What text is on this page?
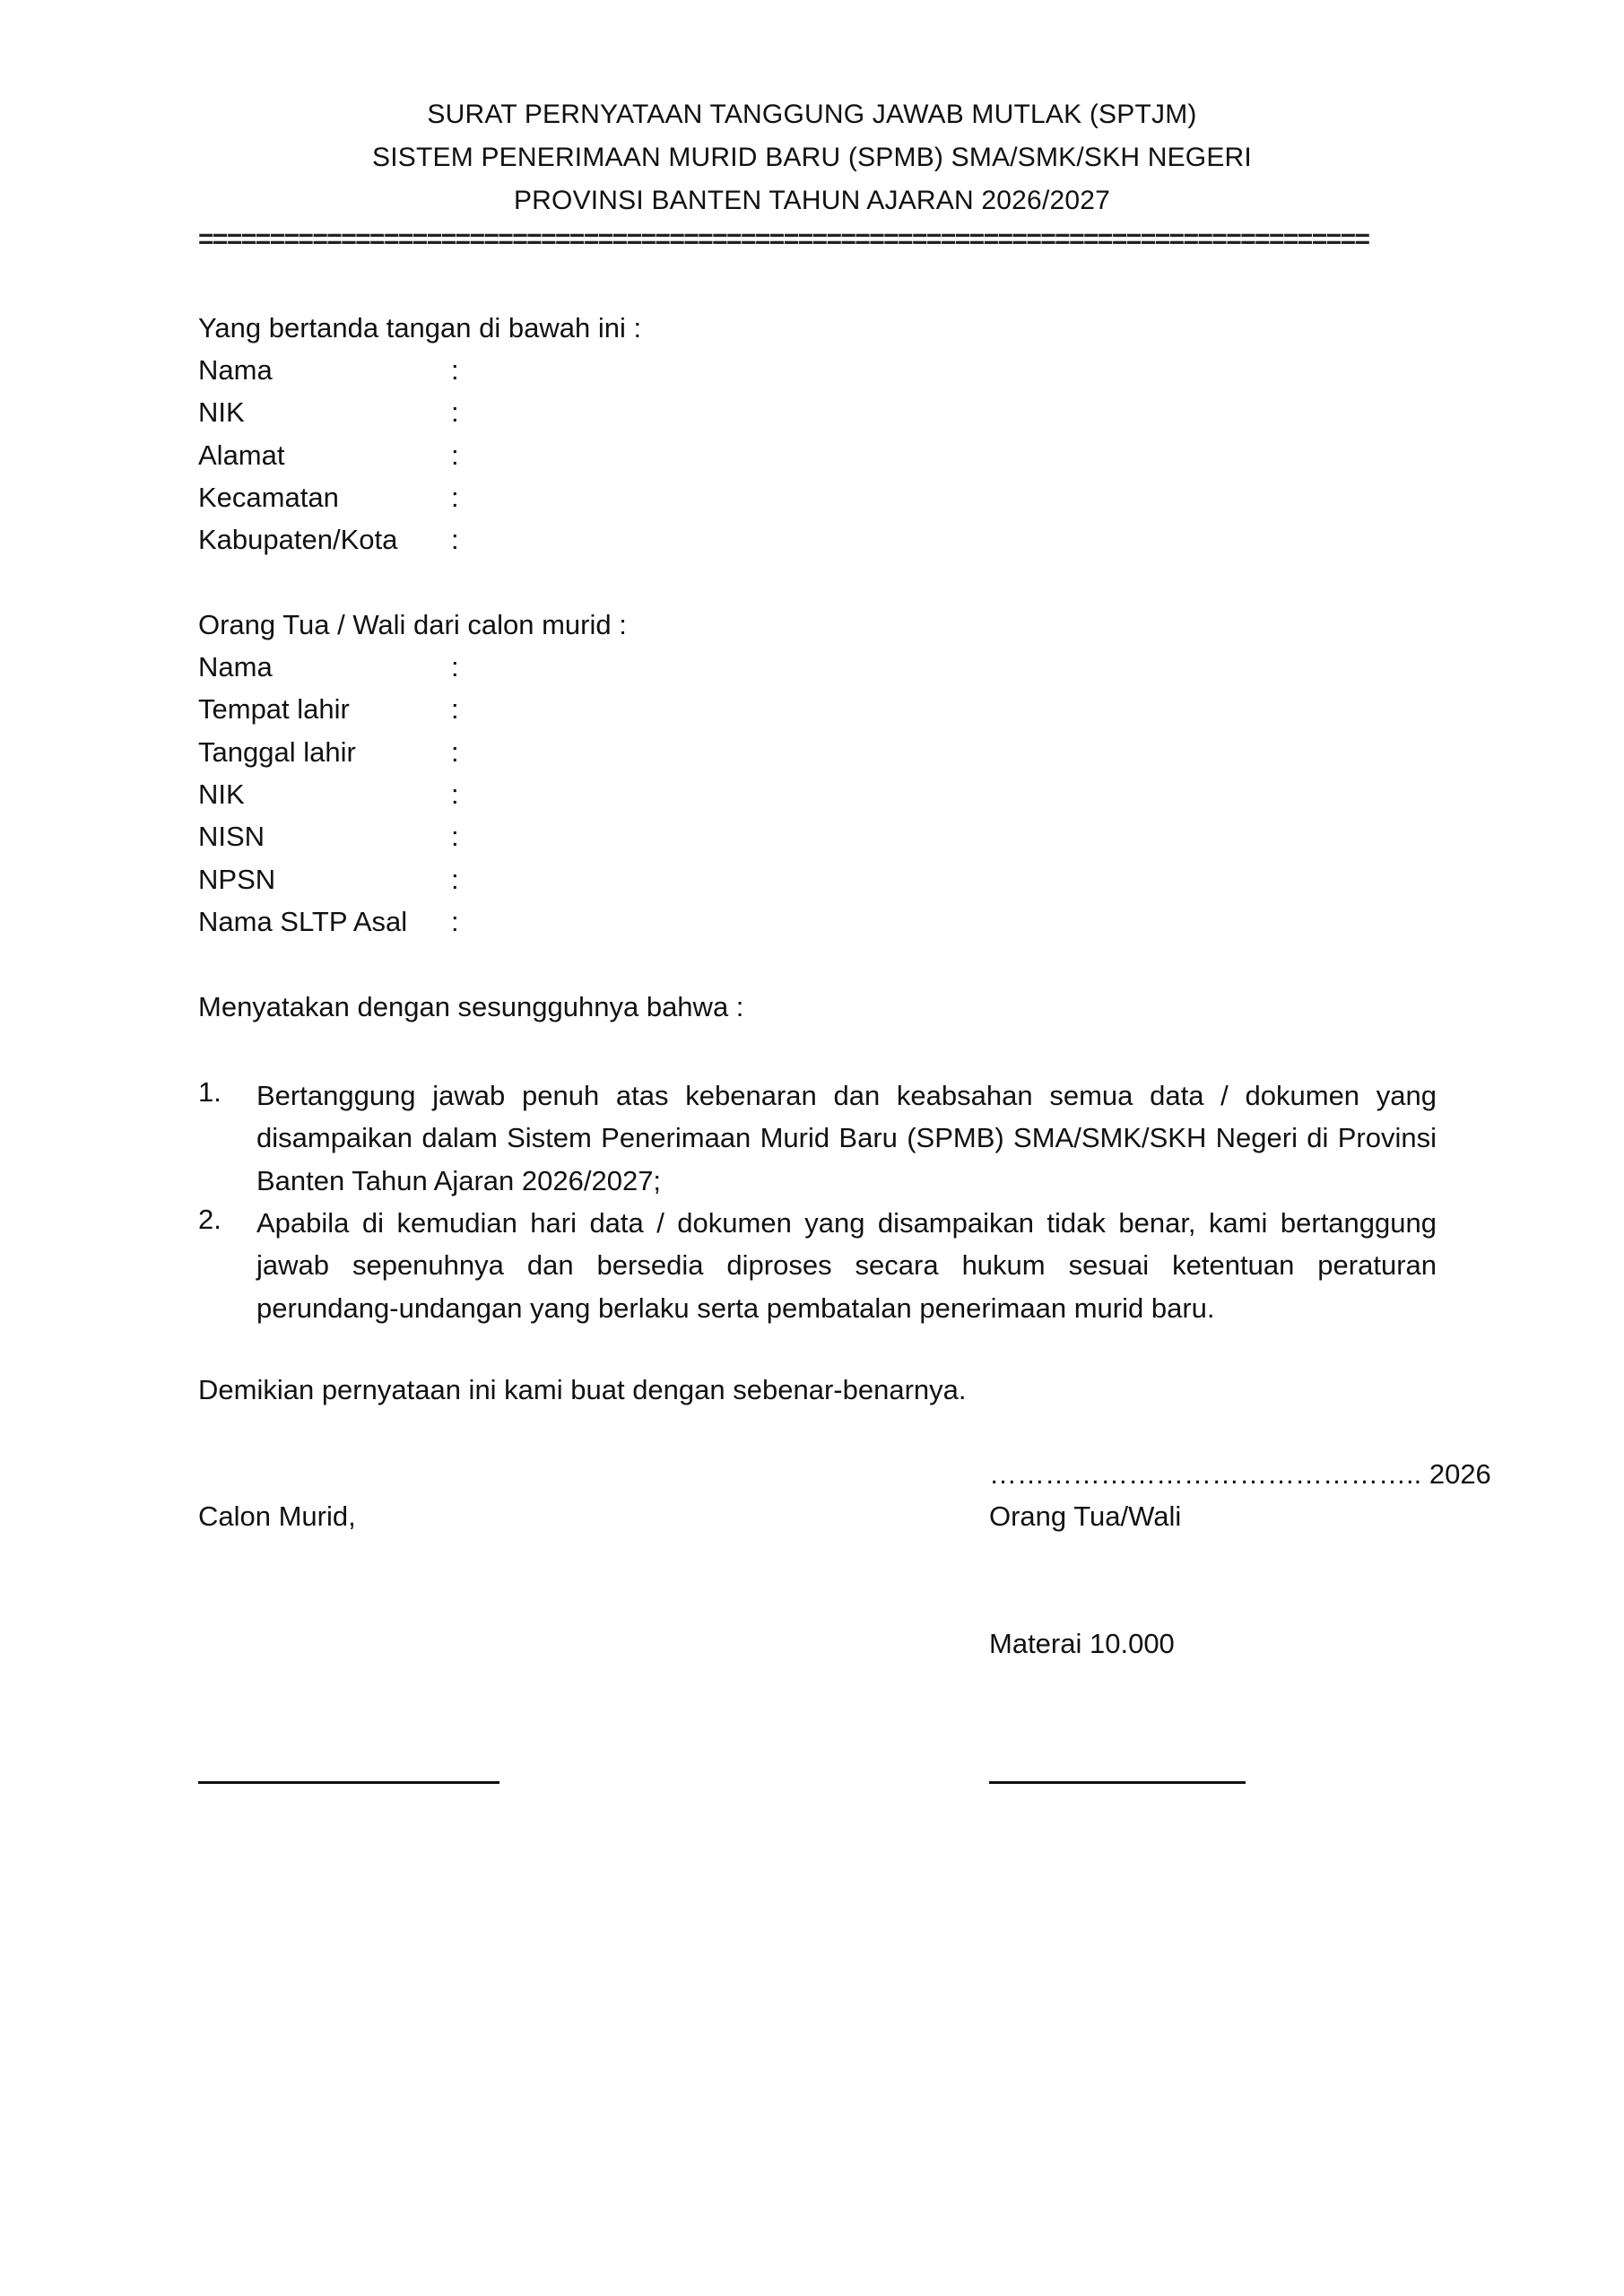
SURAT PERNYATAAN TANGGUNG JAWAB MUTLAK (SPTJM)
SISTEM PENERIMAAN MURID BARU (SPMB) SMA/SMK/SKH NEGERI
PROVINSI BANTEN TAHUN AJARAN 2026/2027
==================================================================================
Yang bertanda tangan di bawah ini :
Nama	:
NIK	:
Alamat	:
Kecamatan	:
Kabupaten/Kota :
Orang Tua / Wali dari calon murid :
Nama	:
Tempat lahir	:
Tanggal lahir	:
NIK	:
NISN	:
NPSN	:
Nama SLTP Asal :
Menyatakan dengan sesungguhnya bahwa :
1. Bertanggung jawab penuh atas kebenaran dan keabsahan semua data / dokumen yang disampaikan dalam Sistem Penerimaan Murid Baru (SPMB) SMA/SMK/SKH Negeri di Provinsi Banten Tahun Ajaran 2026/2027;
2. Apabila di kemudian hari data / dokumen yang disampaikan tidak benar, kami bertanggung jawab sepenuhnya dan bersedia diproses secara hukum sesuai ketentuan peraturan perundang-undangan yang berlaku serta pembatalan penerimaan murid baru.
Demikian pernyataan ini kami buat dengan sebenar-benarnya.
……………………………………….. 2026
Calon Murid,	Orang Tua/Wali
Materai 10.000
